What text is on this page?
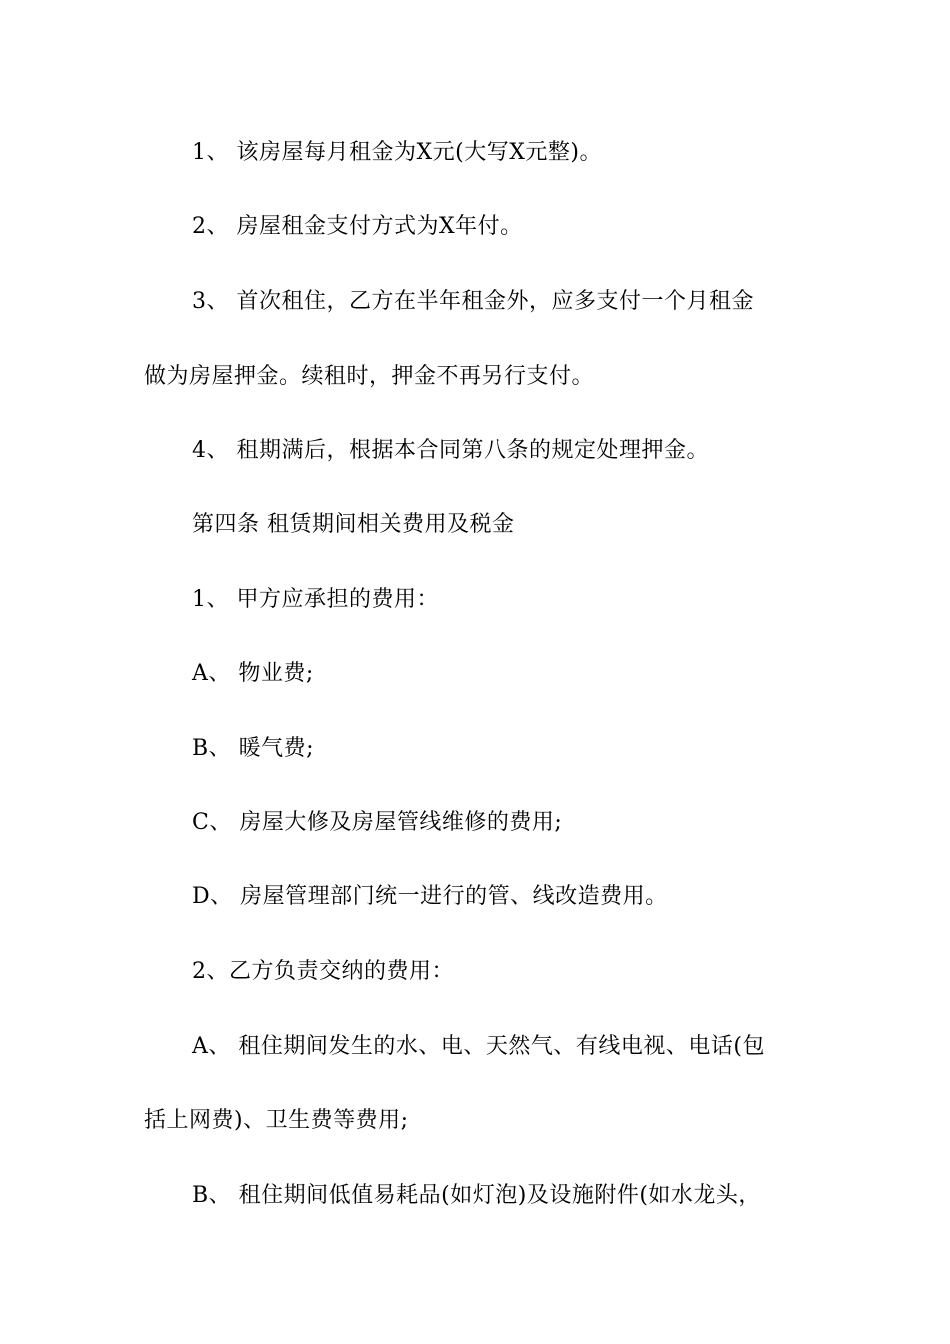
1、 该房屋每月租金为X元(大写X元整)。
2、 房屋租金支付方式为X年付。
3、 首次租住，乙方在半年租金外，应多支付一个月租金
做为房屋押金。续租时，押金不再另行支付。
4、 租期满后，根据本合同第八条的规定处理押金。
第四条 租赁期间相关费用及税金
1、 甲方应承担的费用：
A、 物业费;
B、 暖气费;
C、 房屋大修及房屋管线维修的费用;
D、 房屋管理部门统一进行的管、线改造费用。
2、乙方负责交纳的费用：
A、 租住期间发生的水、电、天然气、有线电视、电话(包
括上网费)、卫生费等费用;
B、 租住期间低值易耗品(如灯泡)及设施附件(如水龙头，
